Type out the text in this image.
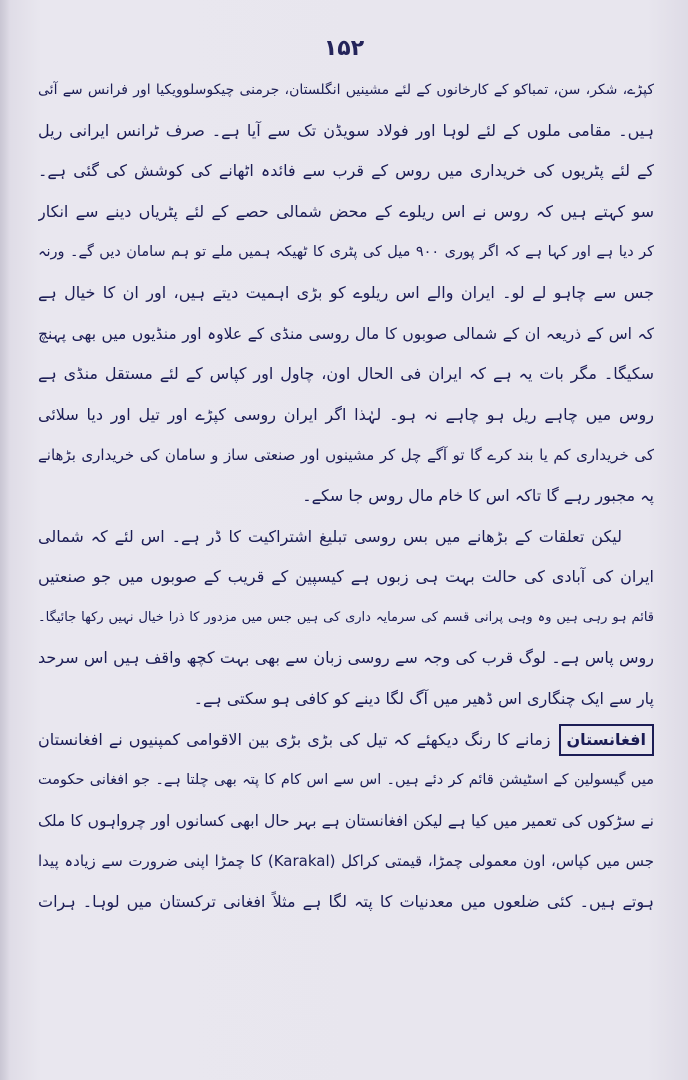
۱۵۲
کپڑے، شکر، سن، تمباکو کے کارخانوں کے لئے مشینیں انگلستان، جرمنی چیکوسلوویکیا اور فرانس سے آئی
ہیں۔ مقامی ملوں کے لئے لوہا اور فولاد سویڈن تک سے آیا ہے۔ صرف ٹرانس ایرانی ریل
کے لئے پٹریوں کی خریداری میں روس کے قرب سے فائدہ اٹھانے کی کوشش کی گئی ہے۔
سو کہتے ہیں کہ روس نے اس ریلوے کے محض شمالی حصے کے لئے پٹریاں دینے سے انکار
کر دیا ہے اور کہا ہے کہ اگر پوری ۹۰۰ میل کی پٹری کا ٹھیکہ ہمیں ملے تو ہم سامان دیں گے۔ ورنہ
جس سے چاہو لے لو۔ ایران والے اس ریلوے کو بڑی اہمیت دیتے ہیں، اور ان کا خیال ہے
کہ اس کے ذریعہ ان کے شمالی صوبوں کا مال روسی منڈی کے علاوہ اور منڈیوں میں بھی پہنچ
سکیگا۔ مگر بات یہ ہے کہ ایران فی الحال اون، چاول اور کپاس کے لئے مستقل منڈی ہے
روس میں چاہے ریل ہو چاہے نہ ہو۔ لہٰذا اگر ایران روسی کپڑے اور تیل اور دیا سلائی
کی خریداری کم یا بند کرے گا تو آگے چل کر مشینوں اور صنعتی ساز و سامان کی خریداری بڑھانے
پہ مجبور رہے گا تاکہ اس کا خام مال روس جا سکے۔
لیکن تعلقات کے بڑھانے میں بس روسی تبلیغ اشتراکیت کا ڈر ہے۔ اس لئے کہ شمالی
ایران کی آبادی کی حالت بہت ہی زبوں ہے کیسپین کے قریب کے صوبوں میں جو صنعتیں
قائم ہو رہی ہیں وہ وہی پرانی قسم کی سرمایہ داری کی ہیں جس میں مزدور کا ذرا خیال نہیں رکھا جائیگا۔
روس پاس ہے۔ لوگ قرب کی وجہ سے روسی زبان سے بھی بہت کچھ واقف ہیں اس سرحد
پار سے ایک چنگاری اس ڈھیر میں آگ لگا دینے کو کافی ہو سکتی ہے۔
افغانستان
زمانے کا رنگ دیکھئے کہ تیل کی بڑی بڑی بین الاقوامی کمپنیوں نے افغانستان
میں گیسولین کے اسٹیشن قائم کر دئے ہیں۔ اس سے اس کام کا پتہ بھی چلتا ہے۔ جو افغانی حکومت
نے سڑکوں کی تعمیر میں کیا ہے لیکن افغانستان ہے بہر حال ابھی کسانوں اور چرواہوں کا ملک
جس میں کپاس، اون معمولی چمڑا، قیمتی کراکل (Karakal) کا چمڑا اپنی ضرورت سے زیادہ پیدا
ہوتے ہیں۔ کئی ضلعوں میں معدنیات کا پتہ لگا ہے مثلاً افغانی ترکستان میں لوہا۔ ہرات
